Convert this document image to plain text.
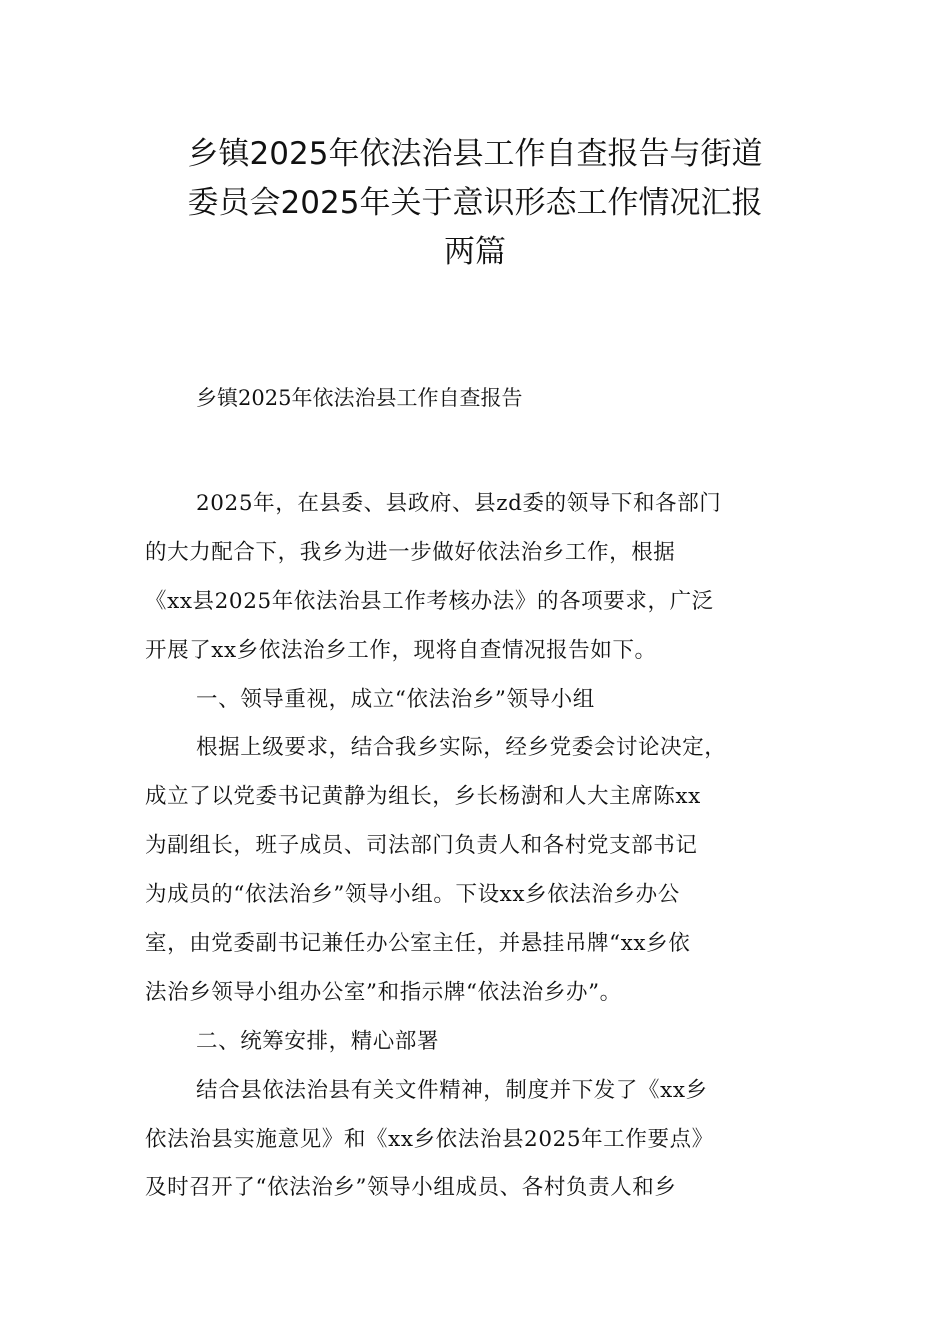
乡镇2025年依法治县工作自查报告与街道
委员会2025年关于意识形态工作情况汇报
两篇
乡镇2025年依法治县工作自查报告
2025年，在县委、县政府、县zd委的领导下和各部门
的大力配合下，我乡为进一步做好依法治乡工作，根据
《xx县2025年依法治县工作考核办法》的各项要求，广泛
开展了xx乡依法治乡工作，现将自查情况报告如下。
一、领导重视，成立“依法治乡”领导小组
根据上级要求，结合我乡实际，经乡党委会讨论决定，
成立了以党委书记黄静为组长，乡长杨澍和人大主席陈xx
为副组长，班子成员、司法部门负责人和各村党支部书记
为成员的“依法治乡”领导小组。下设xx乡依法治乡办公
室，由党委副书记兼任办公室主任，并悬挂吊牌“xx乡依
法治乡领导小组办公室”和指示牌“依法治乡办”。
二、统筹安排，精心部署
结合县依法治县有关文件精神，制度并下发了《xx乡
依法治县实施意见》和《xx乡依法治县2025年工作要点》
及时召开了“依法治乡”领导小组成员、各村负责人和乡
